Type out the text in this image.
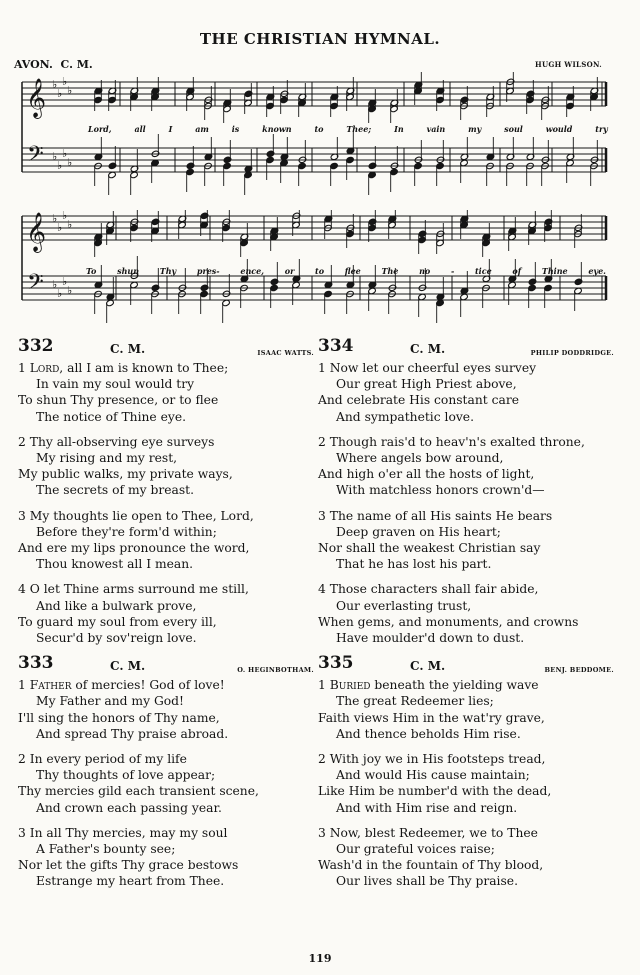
THE CHRISTIAN HYMNAL.
AVON. C. M.	HUGH WILSON.
𝄞
𝄢
♭
♭
♭
♭
♭
♭
♭
♭
Lord,	all	I	am	is	known	to	Thee;	In	vain	my	soul	would	try
𝄞
𝄢
♭
♭
♭
♭
♭
♭
♭
♭
To	shun	Thy	pres-	ence,	or	to	flee	The	no	-	tice	of	Thine	eye.
332	C. M.	ISAAC WATTS.
1 Lord, all I am is known to Thee;
In vain my soul would try
To shun Thy presence, or to flee
The notice of Thine eye.
2 Thy all-observing eye surveys
My rising and my rest,
My public walks, my private ways,
The secrets of my breast.
3 My thoughts lie open to Thee, Lord,
Before they're form'd within;
And ere my lips pronounce the word,
Thou knowest all I mean.
4 O let Thine arms surround me still,
And like a bulwark prove,
To guard my soul from every ill,
Secur'd by sov'reign love.
333	C. M.	O. HEGINBOTHAM.
1 Father of mercies! God of love!
My Father and my God!
I'll sing the honors of Thy name,
And spread Thy praise abroad.
2 In every period of my life
Thy thoughts of love appear;
Thy mercies gild each transient scene,
And crown each passing year.
3 In all Thy mercies, may my soul
A Father's bounty see;
Nor let the gifts Thy grace bestows
Estrange my heart from Thee.
334	C. M.	PHILIP DODDRIDGE.
1 Now let our cheerful eyes survey
Our great High Priest above,
And celebrate His constant care
And sympathetic love.
2 Though rais'd to heav'n's exalted throne,
Where angels bow around,
And high o'er all the hosts of light,
With matchless honors crown'd—
3 The name of all His saints He bears
Deep graven on His heart;
Nor shall the weakest Christian say
That he has lost his part.
4 Those characters shall fair abide,
Our everlasting trust,
When gems, and monuments, and crowns
Have moulder'd down to dust.
335	C. M.	BENJ. BEDDOME.
1 Buried beneath the yielding wave
The great Redeemer lies;
Faith views Him in the wat'ry grave,
And thence beholds Him rise.
2 With joy we in His footsteps tread,
And would His cause maintain;
Like Him be number'd with the dead,
And with Him rise and reign.
3 Now, blest Redeemer, we to Thee
Our grateful voices raise;
Wash'd in the fountain of Thy blood,
Our lives shall be Thy praise.
119
